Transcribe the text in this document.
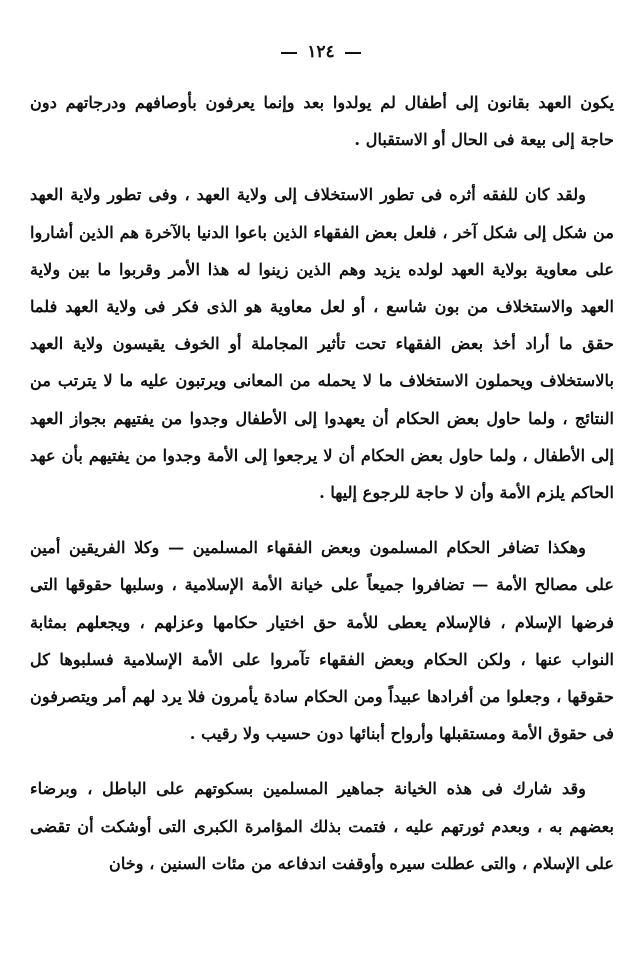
١٢٤

يكون العهد بقانون إلى أطفال لم يولدوا بعد وإنما يعرفون بأوصافهم ودرجاتهم دون حاجة إلى بيعة فى الحال أو الاستقبال .

ولقد كان للفقه أثره فى تطور الاستخلاف إلى ولاية العهد ، وفى تطور ولاية العهد من شكل إلى شكل آخر ، فلعل بعض الفقهاء الذين باعوا الدنيا بالآخرة هم الذين أشاروا على معاوية بولاية العهد لولده يزيد وهم الذين زينوا له هذا الأمر وقربوا ما بين ولاية العهد والاستخلاف من بون شاسع ، أو لعل معاوية هو الذى فكر فى ولاية العهد فلما حقق ما أراد أخذ بعض الفقهاء تحت تأثير المجاملة أو الخوف يقيسون ولاية العهد بالاستخلاف ويحملون الاستخلاف ما لا يحمله من المعانى ويرتبون عليه ما لا يترتب من النتائج ، ولما حاول بعض الحكام أن يعهدوا إلى الأطفال وجدوا من يفتيهم بجواز العهد إلى الأطفال ، ولما حاول بعض الحكام أن لا يرجعوا إلى الأمة وجدوا من يفتيهم بأن عهد الحاكم يلزم الأمة وأن لا حاجة للرجوع إليها .

وهكذا تضافر الحكام المسلمون وبعض الفقهاء المسلمين — وكلا الفريقين أمين على مصالح الأمة — تضافروا جميعاً على خيانة الأمة الإسلامية ، وسلبها حقوقها التى فرضها الإسلام ، فالإسلام يعطى للأمة حق اختيار حكامها وعزلهم ، ويجعلهم بمثابة النواب عنها ، ولكن الحكام وبعض الفقهاء تآمروا على الأمة الإسلامية فسلبوها كل حقوقها ، وجعلوا من أفرادها عبيداً ومن الحكام سادة يأمرون فلا يرد لهم أمر ويتصرفون فى حقوق الأمة ومستقبلها وأرواح أبنائها دون حسيب ولا رقيب .

وقد شارك فى هذه الخيانة جماهير المسلمين بسكوتهم على الباطل ، وبرضاء بعضهم به ، وبعدم ثورتهم عليه ، فتمت بذلك المؤامرة الكبرى التى أوشكت أن تقضى على الإسلام ، والتى عطلت سيره وأوقفت اندفاعه من مئات السنين ، وخان
